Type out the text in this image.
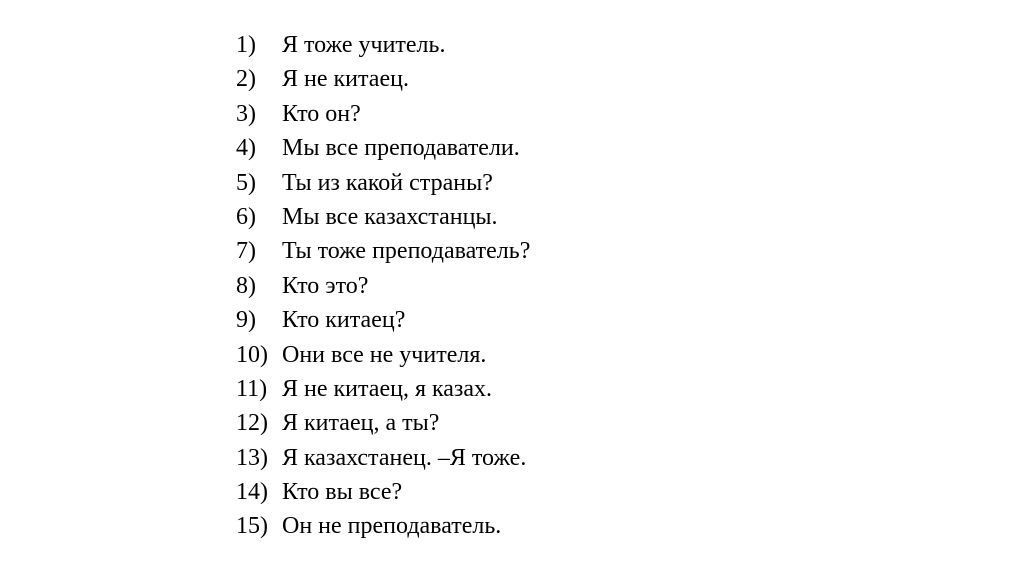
1)	Я тоже учитель.
2)	Я не китаец.
3)	Кто он?
4)	Мы все преподаватели.
5)	Ты из какой страны?
6)	Мы все казахстанцы.
7)	Ты тоже преподаватель?
8)	Кто это?
9)	Кто китаец?
10) Они все не учителя.
11) Я не китаец, я казах.
12) Я китаец, а ты?
13) Я казахстанец. –Я тоже.
14) Кто вы все?
15) Он не преподаватель.
